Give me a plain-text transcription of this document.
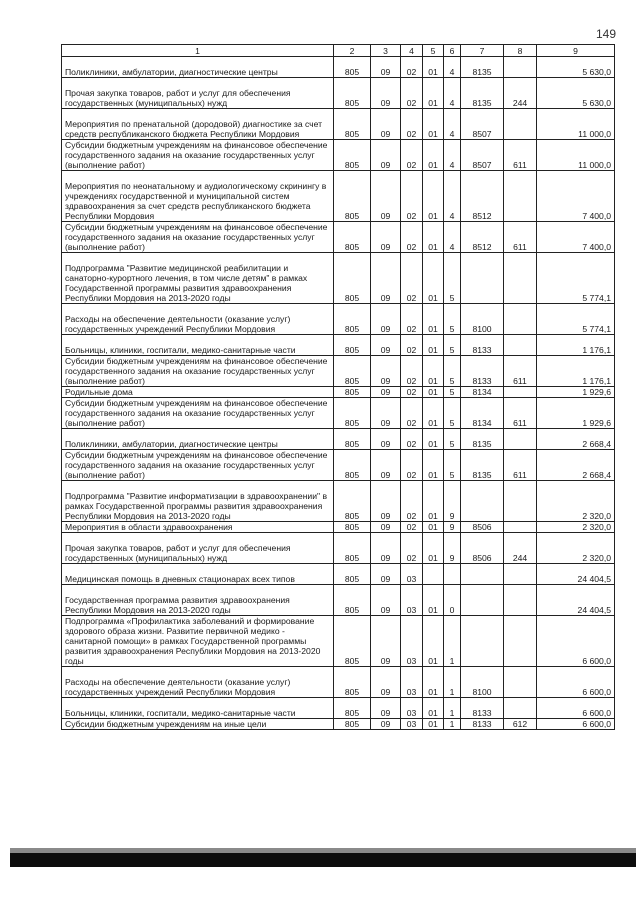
149
1	2	3	4	5	6	7	8	9
Поликлиники, амбулатории, диагностические центры	805	09	02	01	4	8135		5 630,0
Прочая закупка товаров, работ и услуг для обеспечения государственных (муниципальных) нужд	805	09	02	01	4	8135	244	5 630,0
Мероприятия по пренатальной (дородовой) диагностике за счет средств республиканского бюджета Республики Мордовия	805	09	02	01	4	8507		11 000,0
Субсидии бюджетным учреждениям на финансовое обеспечение государственного задания на оказание государственных услуг (выполнение работ)	805	09	02	01	4	8507	611	11 000,0
Мероприятия по неонатальному и аудиологическому скринингу в учреждениях государственной и муниципальной систем здравоохранения за счет средств республиканского бюджета Республики Мордовия	805	09	02	01	4	8512		7 400,0
Субсидии бюджетным учреждениям на финансовое обеспечение государственного задания на оказание государственных услуг (выполнение работ)	805	09	02	01	4	8512	611	7 400,0
Подпрограмма "Развитие медицинской реабилитации и санаторно-курортного лечения, в том числе детям" в рамках Государственной программы развития здравоохранения Республики Мордовия на 2013-2020 годы	805	09	02	01	5			5 774,1
Расходы на обеспечение деятельности (оказание услуг) государственных учреждений Республики Мордовия	805	09	02	01	5	8100		5 774,1
Больницы, клиники, госпитали, медико-санитарные части	805	09	02	01	5	8133		1 176,1
Субсидии бюджетным учреждениям на финансовое обеспечение государственного задания на оказание государственных услуг (выполнение работ)	805	09	02	01	5	8133	611	1 176,1
Родильные дома	805	09	02	01	5	8134		1 929,6
Субсидии бюджетным учреждениям на финансовое обеспечение государственного задания на оказание государственных услуг (выполнение работ)	805	09	02	01	5	8134	611	1 929,6
Поликлиники, амбулатории, диагностические центры	805	09	02	01	5	8135		2 668,4
Субсидии бюджетным учреждениям на финансовое обеспечение государственного задания на оказание государственных услуг (выполнение работ)	805	09	02	01	5	8135	611	2 668,4
Подпрограмма "Развитие информатизации в здравоохранении" в рамках Государственной программы развития здравоохранения Республики Мордовия на 2013-2020 годы	805	09	02	01	9			2 320,0
Мероприятия в области здравоохранения	805	09	02	01	9	8506		2 320,0
Прочая закупка товаров, работ и услуг для обеспечения государственных (муниципальных) нужд	805	09	02	01	9	8506	244	2 320,0
Медицинская помощь в дневных стационарах всех типов	805	09	03					24 404,5
Государственная программа развития здравоохранения Республики Мордовия на 2013-2020 годы	805	09	03	01	0			24 404,5
Подпрограмма «Профилактика заболеваний и формирование здорового образа жизни. Развитие первичной медико - санитарной помощи» в рамках Государственной программы развития здравоохранения Республики Мордовия на 2013-2020 годы	805	09	03	01	1			6 600,0
Расходы на обеспечение деятельности (оказание услуг) государственных учреждений Республики Мордовия	805	09	03	01	1	8100		6 600,0
Больницы, клиники, госпитали, медико-санитарные части	805	09	03	01	1	8133		6 600,0
Субсидии бюджетным учреждениям на иные цели	805	09	03	01	1	8133	612	6 600,0
